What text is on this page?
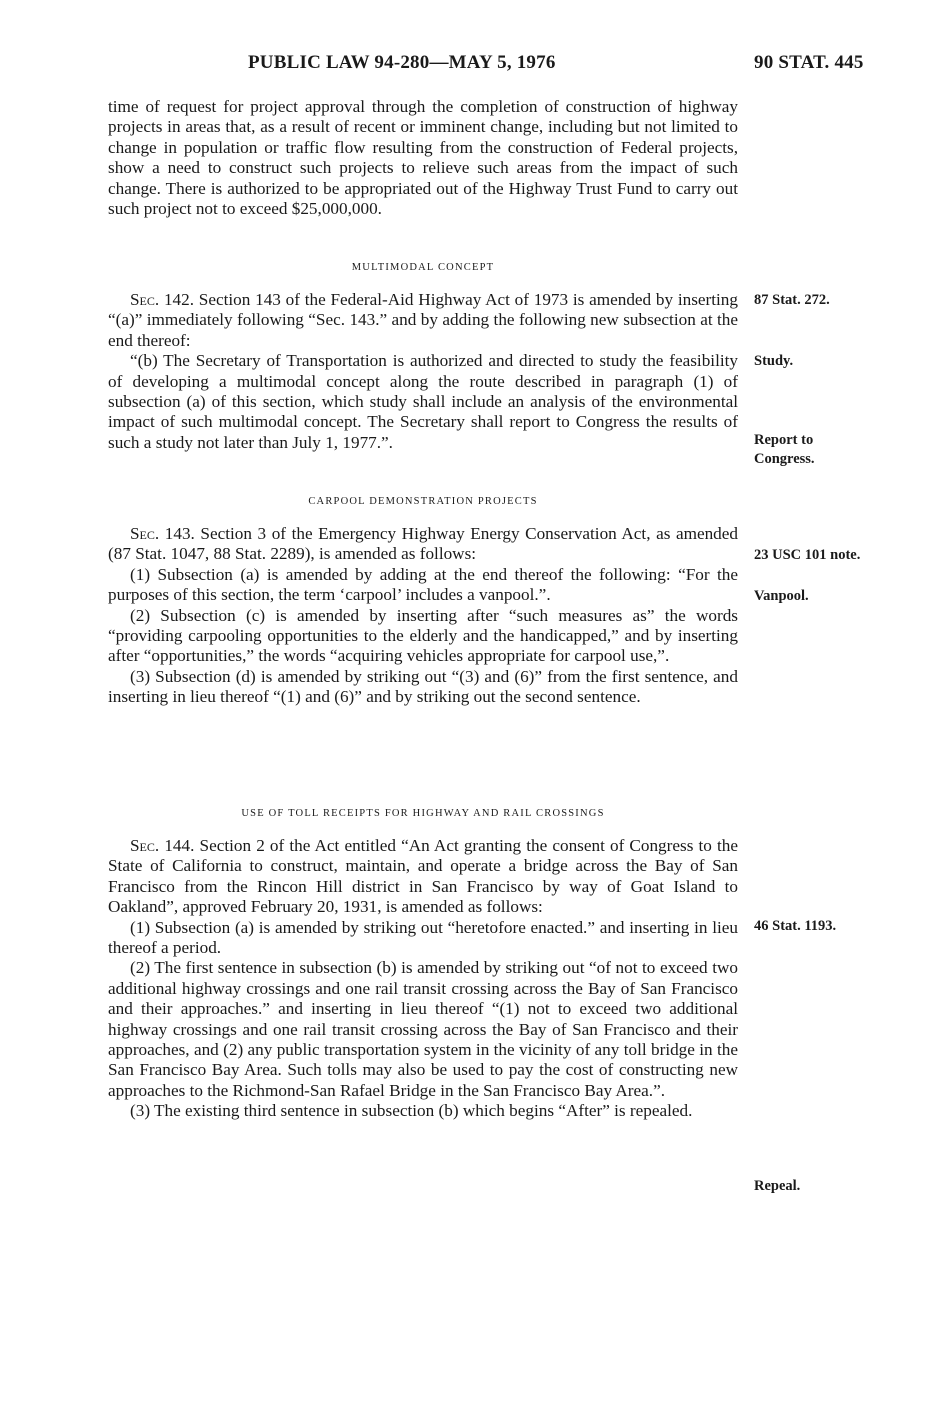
PUBLIC LAW 94-280—MAY 5, 1976	90 STAT. 445

time of request for project approval through the completion of construction of highway projects in areas that, as a result of recent or imminent change, including but not limited to change in population or traffic flow resulting from the construction of Federal projects, show a need to construct such projects to relieve such areas from the impact of such change. There is authorized to be appropriated out of the Highway Trust Fund to carry out such project not to exceed $25,000,000.

MULTIMODAL CONCEPT

Sec. 142. Section 143 of the Federal-Aid Highway Act of 1973 is amended by inserting “(a)” immediately following “Sec. 143.” and by adding the following new subsection at the end thereof:

“(b) The Secretary of Transportation is authorized and directed to study the feasibility of developing a multimodal concept along the route described in paragraph (1) of subsection (a) of this section, which study shall include an analysis of the environmental impact of such multimodal concept. The Secretary shall report to Congress the results of such a study not later than July 1, 1977.”.

CARPOOL DEMONSTRATION PROJECTS

Sec. 143. Section 3 of the Emergency Highway Energy Conservation Act, as amended (87 Stat. 1047, 88 Stat. 2289), is amended as follows:

(1) Subsection (a) is amended by adding at the end thereof the following: “For the purposes of this section, the term ‘carpool’ includes a vanpool.”.

(2) Subsection (c) is amended by inserting after “such measures as” the words “providing carpooling opportunities to the elderly and the handicapped,” and by inserting after “opportunities,” the words “acquiring vehicles appropriate for carpool use,”.

(3) Subsection (d) is amended by striking out “(3) and (6)” from the first sentence, and inserting in lieu thereof “(1) and (6)” and by striking out the second sentence.

USE OF TOLL RECEIPTS FOR HIGHWAY AND RAIL CROSSINGS

Sec. 144. Section 2 of the Act entitled “An Act granting the consent of Congress to the State of California to construct, maintain, and operate a bridge across the Bay of San Francisco from the Rincon Hill district in San Francisco by way of Goat Island to Oakland”, approved February 20, 1931, is amended as follows:

(1) Subsection (a) is amended by striking out “heretofore enacted.” and inserting in lieu thereof a period.

(2) The first sentence in subsection (b) is amended by striking out “of not to exceed two additional highway crossings and one rail transit crossing across the Bay of San Francisco and their approaches.” and inserting in lieu thereof “(1) not to exceed two additional highway crossings and one rail transit crossing across the Bay of San Francisco and their approaches, and (2) any public transportation system in the vicinity of any toll bridge in the San Francisco Bay Area. Such tolls may also be used to pay the cost of constructing new approaches to the Richmond-San Rafael Bridge in the San Francisco Bay Area.”.

(3) The existing third sentence in subsection (b) which begins “After” is repealed.

87 Stat. 272.
Study.
Report to
Congress.
23 USC 101 note.
Vanpool.
46 Stat. 1193.
Repeal.
